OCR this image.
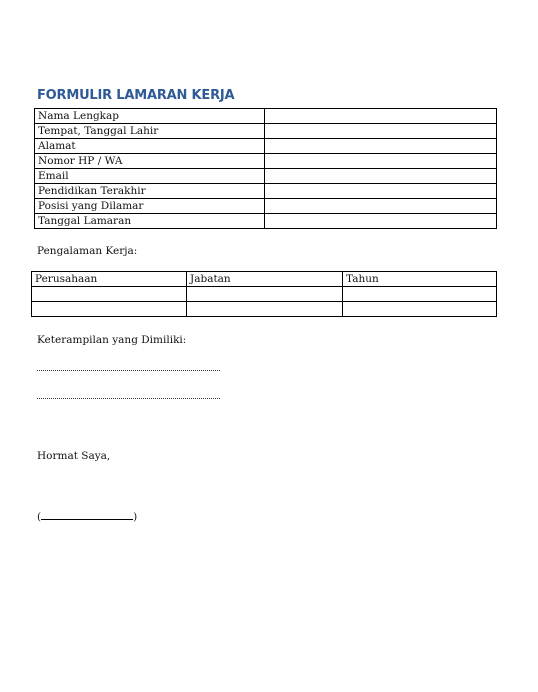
FORMULIR LAMARAN KERJA
Nama Lengkap	
Tempat, Tanggal Lahir	
Alamat	
Nomor HP / WA	
Email	
Pendidikan Terakhir	
Posisi yang Dilamar	
Tanggal Lamaran	
Pengalaman Kerja:
Perusahaan	Jabatan	Tahun

Keterampilan yang Dimiliki:
Hormat Saya,
(	)
